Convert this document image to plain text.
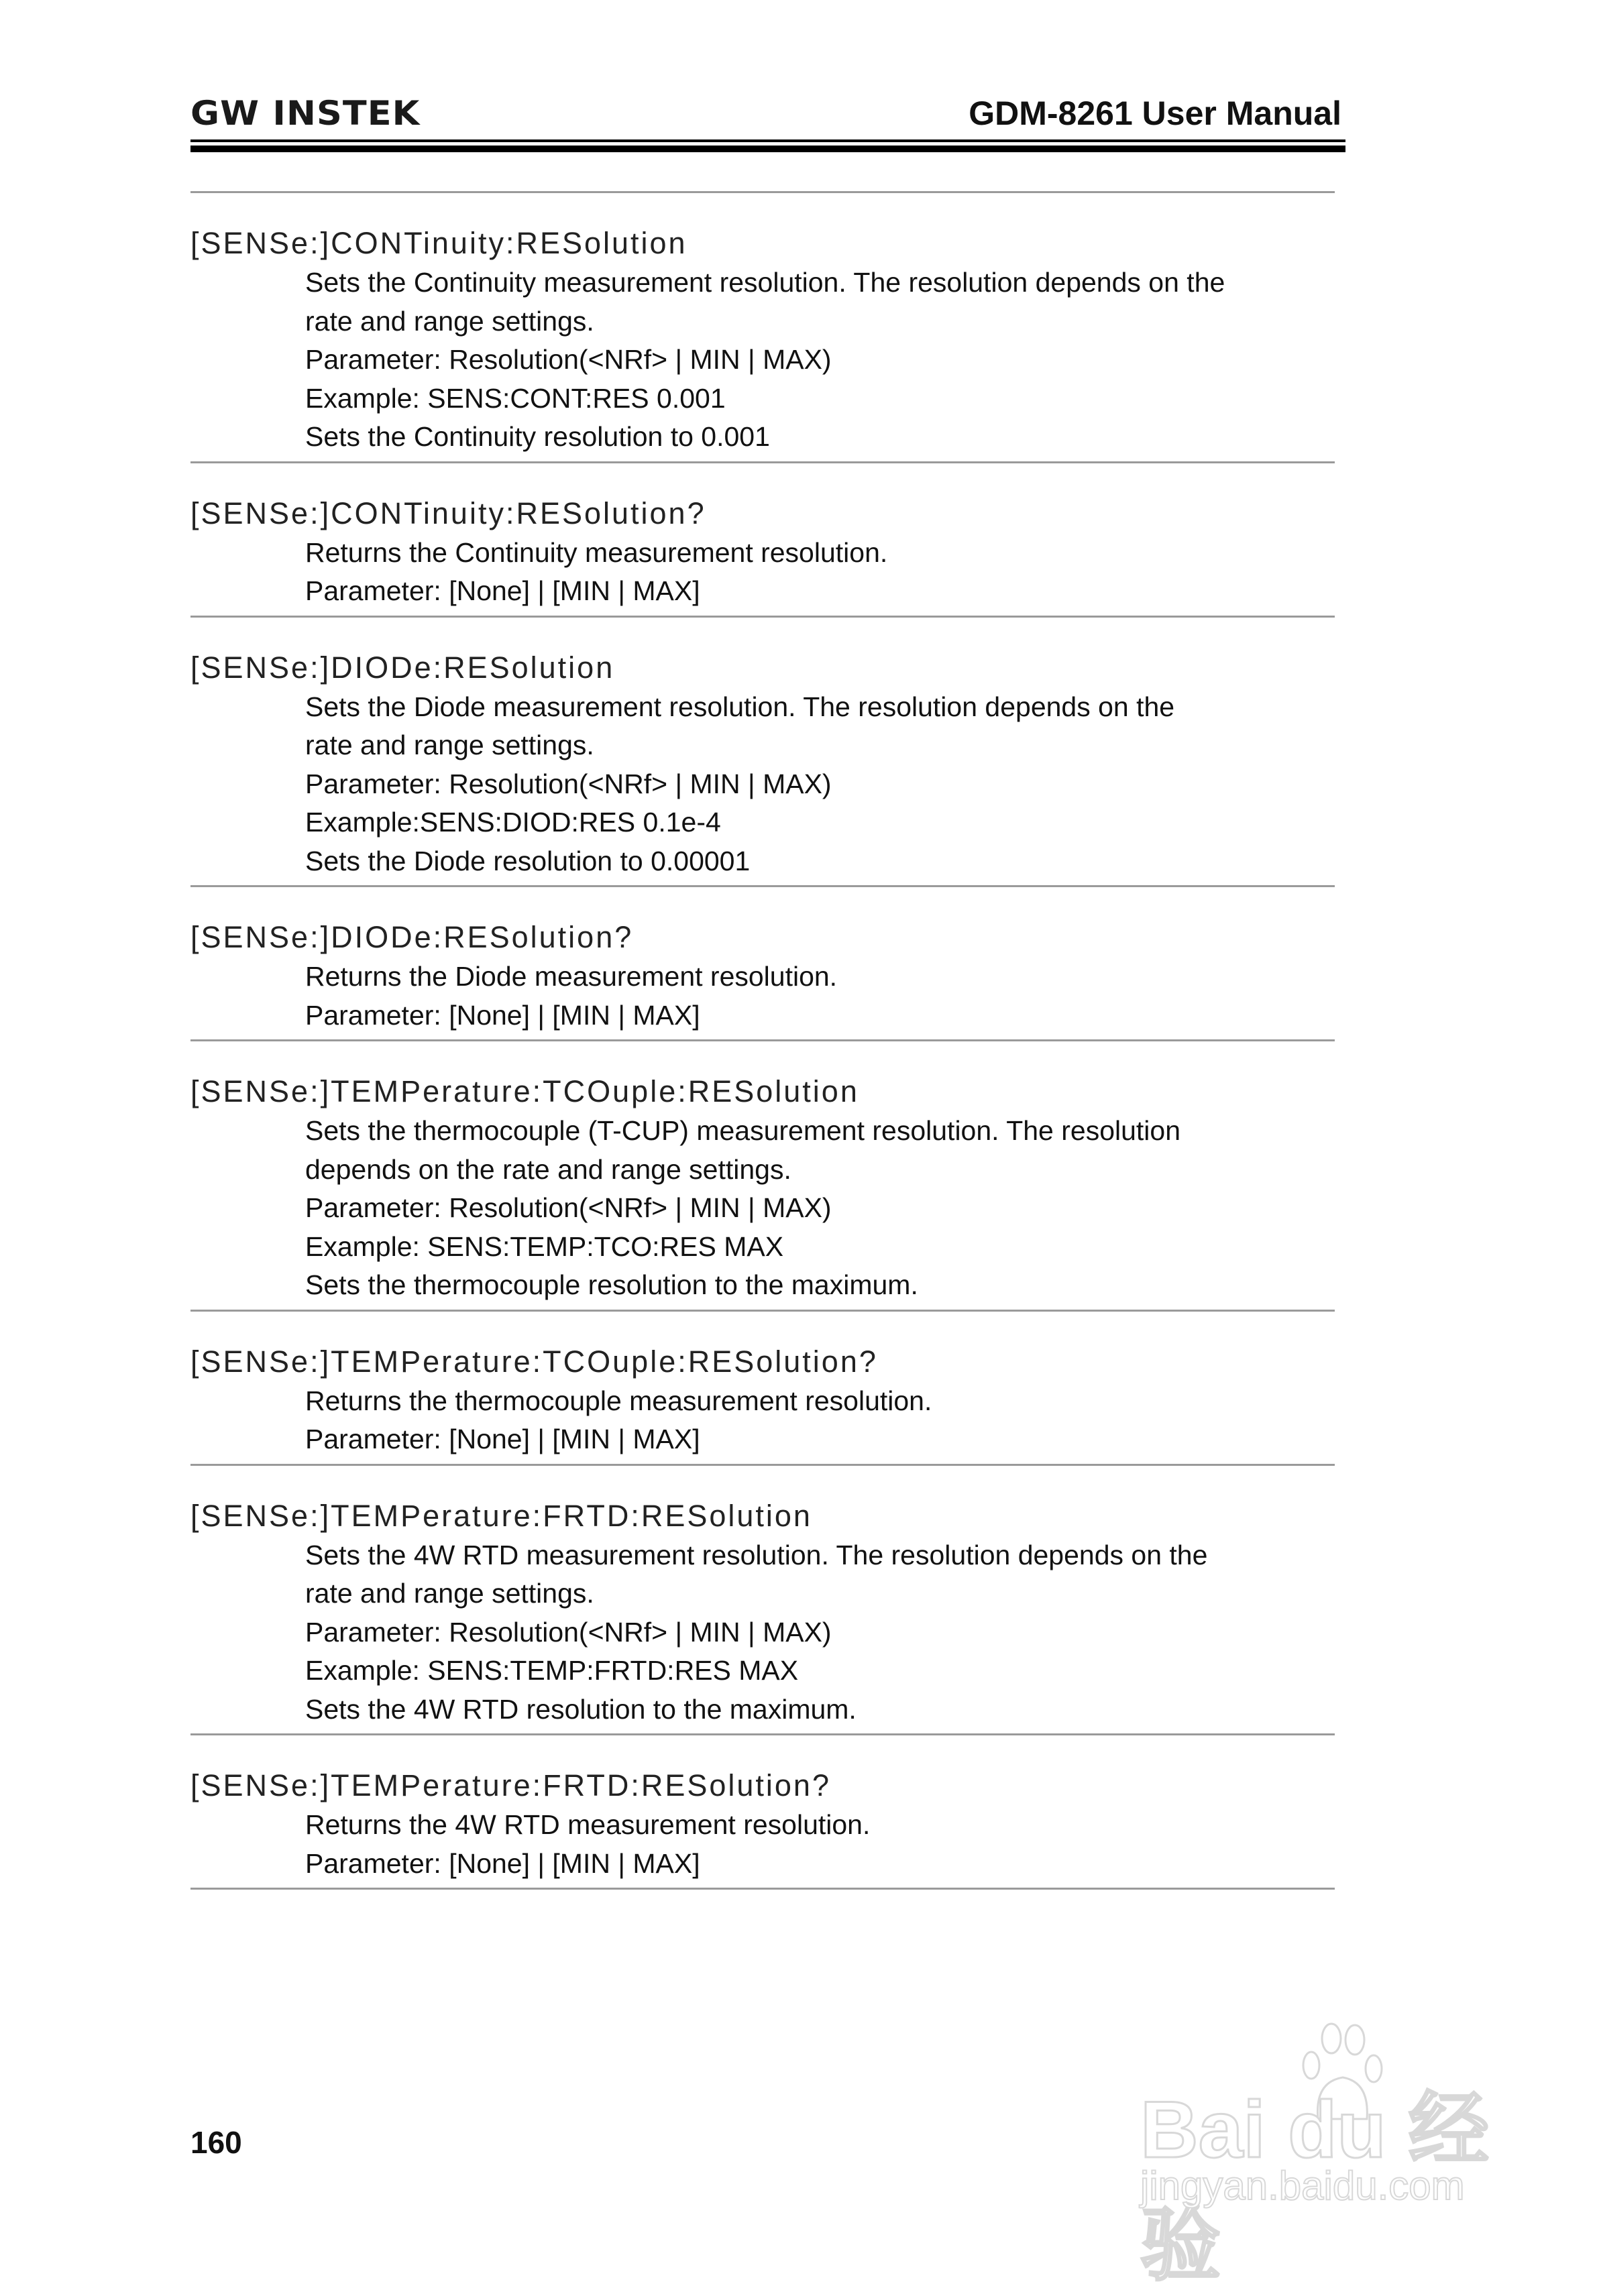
GW INSTEK	GDM-8261 User Manual
[SENSe:]CONTinuity:RESolution
Sets the Continuity measurement resolution. The resolution depends on the
rate and range settings.
Parameter: Resolution(<NRf> | MIN | MAX)
Example: SENS:CONT:RES 0.001
Sets the Continuity resolution to 0.001
[SENSe:]CONTinuity:RESolution?
Returns the Continuity measurement resolution.
Parameter: [None] | [MIN | MAX]
[SENSe:]DIODe:RESolution
Sets the Diode measurement resolution. The resolution depends on the
rate and range settings.
Parameter: Resolution(<NRf> | MIN | MAX)
Example:SENS:DIOD:RES 0.1e-4
Sets the Diode resolution to 0.00001
[SENSe:]DIODe:RESolution?
Returns the Diode measurement resolution.
Parameter: [None] | [MIN | MAX]
[SENSe:]TEMPerature:TCOuple:RESolution
Sets the thermocouple (T-CUP) measurement resolution. The resolution
depends on the rate and range settings.
Parameter: Resolution(<NRf> | MIN | MAX)
Example: SENS:TEMP:TCO:RES MAX
Sets the thermocouple resolution to the maximum.
[SENSe:]TEMPerature:TCOuple:RESolution?
Returns the thermocouple measurement resolution.
Parameter: [None] | [MIN | MAX]
[SENSe:]TEMPerature:FRTD:RESolution
Sets the 4W RTD measurement resolution. The resolution depends on the
rate and range settings.
Parameter: Resolution(<NRf> | MIN | MAX)
Example: SENS:TEMP:FRTD:RES MAX
Sets the 4W RTD resolution to the maximum.
[SENSe:]TEMPerature:FRTD:RESolution?
Returns the 4W RTD measurement resolution.
Parameter: [None] | [MIN | MAX]
160	Bai du 经验
jingyan.baidu.com
